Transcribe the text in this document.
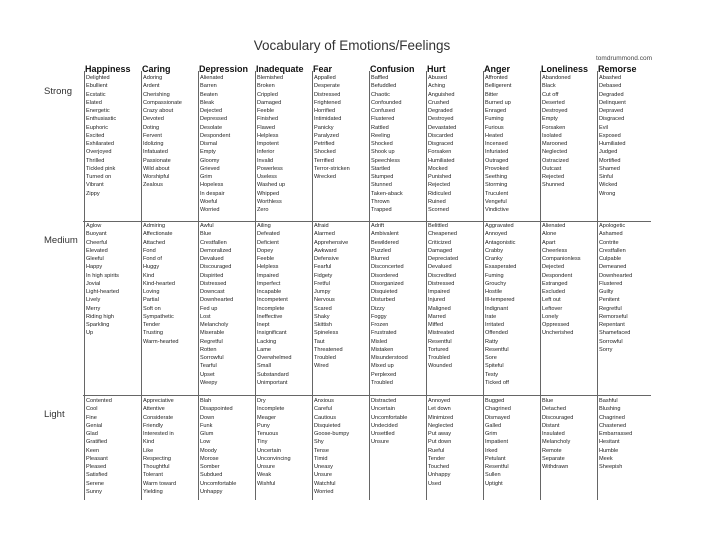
Vocabulary of Emotions/Feelings
tomdrummond.com
Strong
Medium
Light
Happiness
Delighted
Ebullient
Ecstatic
Elated
Energetic
Enthusiastic
Euphoric
Excited
Exhilarated
Overjoyed
Thrilled
Tickled pink
Turned on
Vibrant
Zippy
Aglow
Buoyant
Cheerful
Elevated
Gleeful
Happy
In high spirits
Jovial
Light-hearted
Lively
Merry
Riding high
Sparkling
Up
Contented
Cool
Fine
Genial
Glad
Gratified
Keen
Pleasant
Pleased
Satisfied
Serene
Sunny
Caring
Adoring
Ardent
Cherishing
Compassionate
Crazy about
Devoted
Doting
Fervent
Idolizing
Infatuated
Passionate
Wild about
Worshipful
Zealous
Admiring
Affectionate
Attached
Fond
Fond of
Huggy
Kind
Kind-hearted
Loving
Partial
Soft on
Sympathetic
Tender
Trusting
Warm-hearted
Appreciative
Attentive
Considerate
Friendly
Interested in
Kind
Like
Respecting
Thoughtful
Tolerant
Warm toward
Yielding
Depression
Alienated
Barren
Beaten
Bleak
Dejected
Depressed
Desolate
Despondent
Dismal
Empty
Gloomy
Grieved
Grim
Hopeless
In despair
Woeful
Worried
Awful
Blue
Crestfallen
Demoralized
Devalued
Discouraged
Dispirited
Distressed
Downcast
Downhearted
Fed up
Lost
Melancholy
Miserable
Regretful
Rotten
Sorrowful
Tearful
Upset
Weepy
Blah
Disappointed
Down
Funk
Glum
Low
Moody
Morose
Somber
Subdued
Uncomfortable
Unhappy
Inadequate
Blemished
Broken
Crippled
Damaged
Feeble
Finished
Flawed
Helpless
Impotent
Inferior
Invalid
Powerless
Useless
Washed up
Whipped
Worthless
Zero
Ailing
Defeated
Deficient
Dopey
Feeble
Helpless
Impaired
Imperfect
Incapable
Incompetent
Incomplete
Ineffective
Inept
Insignificant
Lacking
Lame
Overwhelmed
Small
Substandard
Unimportant
Dry
Incomplete
Meager
Puny
Tenuous
Tiny
Uncertain
Unconvincing
Unsure
Weak
Wishful
Fear
Appalled
Desperate
Distressed
Frightened
Horrified
Intimidated
Panicky
Paralyzed
Petrified
Shocked
Terrified
Terror-stricken
Wrecked
Afraid
Alarmed
Apprehensive
Awkward
Defensive
Fearful
Fidgety
Fretful
Jumpy
Nervous
Scared
Shaky
Skittish
Spineless
Taut
Threatened
Troubled
Wired
Anxious
Careful
Cautious
Disquieted
Goose-bumpy
Shy
Tense
Timid
Uneasy
Unsure
Watchful
Worried
Confusion
Baffled
Befuddled
Chaotic
Confounded
Confused
Flustered
Rattled
Reeling
Shocked
Shook up
Speechless
Startled
Stumped
Stunned
Taken-aback
Thrown
Trapped
Adrift
Ambivalent
Bewildered
Puzzled
Blurred
Disconcerted
Disordered
Disorganized
Disquieted
Disturbed
Dizzy
Foggy
Frozen
Frustrated
Misled
Mistaken
Misunderstood
Mixed up
Perplexed
Troubled
Distracted
Uncertain
Uncomfortable
Undecided
Unsettled
Unsure
Hurt
Abused
Aching
Anguished
Crushed
Degraded
Destroyed
Devastated
Discarded
Disgraced
Forsaken
Humiliated
Mocked
Punished
Rejected
Ridiculed
Ruined
Scorned
Belittled
Cheapened
Criticized
Damaged
Depreciated
Devalued
Discredited
Distressed
Impaired
Injured
Maligned
Marred
Miffed
Mistreated
Resentful
Tortured
Troubled
Wounded
Annoyed
Let down
Minimized
Neglected
Put away
Put down
Rueful
Tender
Touched
Unhappy
Used
Anger
Affronted
Belligerent
Bitter
Burned up
Enraged
Fuming
Furious
Heated
Incensed
Infuriated
Outraged
Provoked
Seething
Storming
Truculent
Vengeful
Vindictive
Aggravated
Annoyed
Antagonistic
Crabby
Cranky
Exasperated
Fuming
Grouchy
Hostile
Ill-tempered
Indignant
Irate
Irritated
Offended
Ratty
Resentful
Sore
Spiteful
Testy
Ticked off
Bugged
Chagrined
Dismayed
Galled
Grim
Impatient
Irked
Petulant
Resentful
Sullen
Uptight
Loneliness
Abandoned
Black
Cut off
Deserted
Destroyed
Empty
Forsaken
Isolated
Marooned
Neglected
Ostracized
Outcast
Rejected
Shunned
Alienated
Alone
Apart
Cheerless
Companionless
Dejected
Despondent
Estranged
Excluded
Left out
Leftover
Lonely
Oppressed
Uncherished
Blue
Detached
Discouraged
Distant
Insulated
Melancholy
Remote
Separate
Withdrawn
Remorse
Abashed
Debased
Degraded
Delinquent
Depraved
Disgraced
Evil
Exposed
Humiliated
Judged
Mortified
Shamed
Sinful
Wicked
Wrong
Apologetic
Ashamed
Contrite
Crestfallen
Culpable
Demeaned
Downhearted
Flustered
Guilty
Penitent
Regretful
Remorseful
Repentant
Shamefaced
Sorrowful
Sorry
Bashful
Blushing
Chagrined
Chastened
Embarrassed
Hesitant
Humble
Meek
Sheepish
